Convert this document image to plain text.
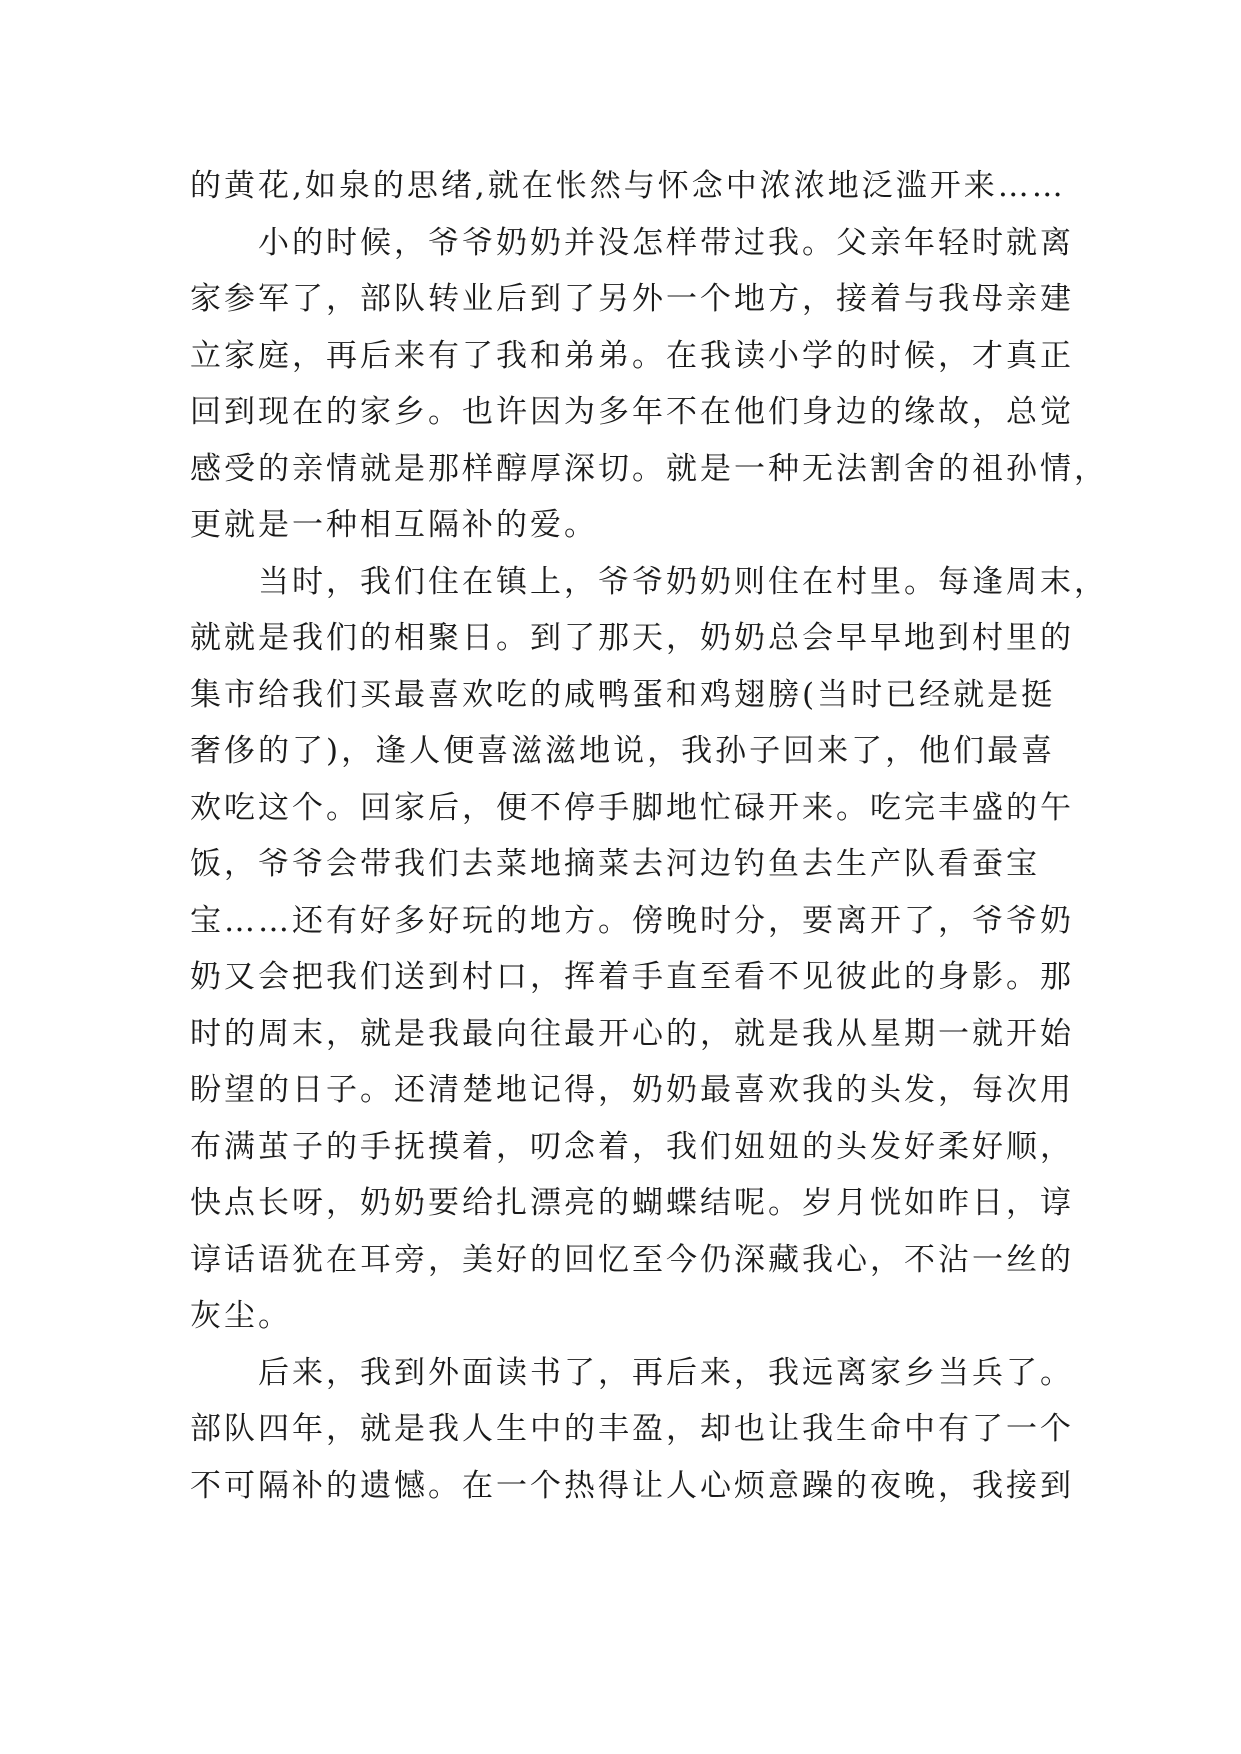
的黄花,如泉的思绪,就在怅然与怀念中浓浓地泛滥开来……
小的时候，爷爷奶奶并没怎样带过我。父亲年轻时就离
家参军了，部队转业后到了另外一个地方，接着与我母亲建
立家庭，再后来有了我和弟弟。在我读小学的时候，才真正
回到现在的家乡。也许因为多年不在他们身边的缘故，总觉
感受的亲情就是那样醇厚深切。就是一种无法割舍的祖孙情，
更就是一种相互隔补的爱。
当时，我们住在镇上，爷爷奶奶则住在村里。每逢周末，
就就是我们的相聚日。到了那天，奶奶总会早早地到村里的
集市给我们买最喜欢吃的咸鸭蛋和鸡翅膀(当时已经就是挺
奢侈的了)，逢人便喜滋滋地说，我孙子回来了，他们最喜
欢吃这个。回家后，便不停手脚地忙碌开来。吃完丰盛的午
饭，爷爷会带我们去菜地摘菜去河边钓鱼去生产队看蚕宝
宝……还有好多好玩的地方。傍晚时分，要离开了，爷爷奶
奶又会把我们送到村口，挥着手直至看不见彼此的身影。那
时的周末，就是我最向往最开心的，就是我从星期一就开始
盼望的日子。还清楚地记得，奶奶最喜欢我的头发，每次用
布满茧子的手抚摸着，叨念着，我们妞妞的头发好柔好顺，
快点长呀，奶奶要给扎漂亮的蝴蝶结呢。岁月恍如昨日，谆
谆话语犹在耳旁，美好的回忆至今仍深藏我心，不沾一丝的
灰尘。
后来，我到外面读书了，再后来，我远离家乡当兵了。
部队四年，就是我人生中的丰盈，却也让我生命中有了一个
不可隔补的遗憾。在一个热得让人心烦意躁的夜晚，我接到
